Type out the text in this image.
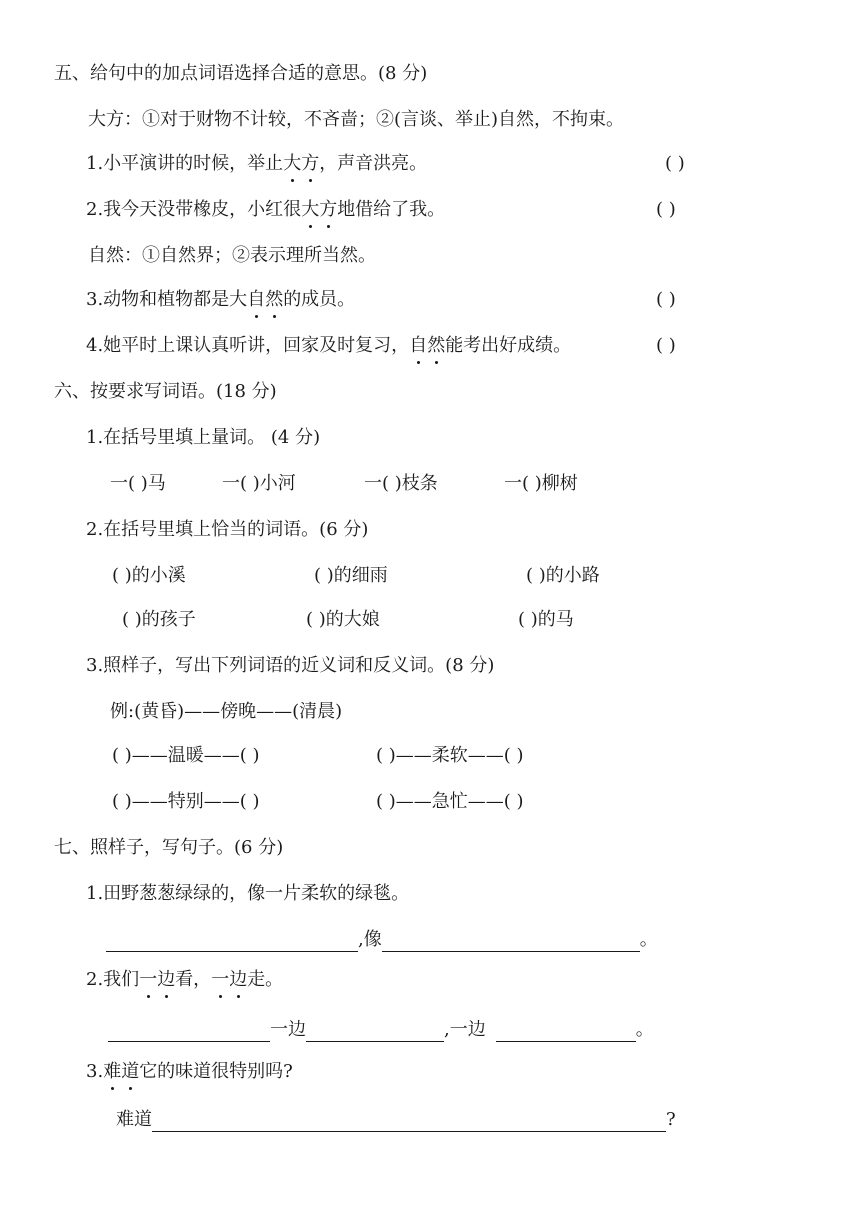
五、给句中的加点词语选择合适的意思。(8 分)
大方：①对于财物不计较，不吝啬；②(言谈、举止)自然，不拘束。
1.小平演讲的时候，举止大方，声音洪亮。	( )
2.我今天没带橡皮，小红很大方地借给了我。	( )
自然：①自然界；②表示理所当然。
3.动物和植物都是大自然的成员。	( )
4.她平时上课认真听讲，回家及时复习，自然能考出好成绩。	( )
六、按要求写词语。(18 分)
1.在括号里填上量词。 (4 分)
一( )马	一( )小河	一( )枝条	一( )柳树
2.在括号里填上恰当的词语。(6 分)
( )的小溪	( )的细雨	( )的小路
( )的孩子	( )的大娘	( )的马
3.照样子，写出下列词语的近义词和反义词。(8 分)
例:(黄昏)——傍晚——(清晨)
( )——温暖——( )	( )——柔软——( )
( )——特别——( )	( )——急忙——( )
七、照样子，写句子。(6 分)
1.田野葱葱绿绿的，像一片柔软的绿毯。
,像	。
2.我们一边看，一边走。
一边	,一边	。
3.难道它的味道很特别吗?
难道	?
